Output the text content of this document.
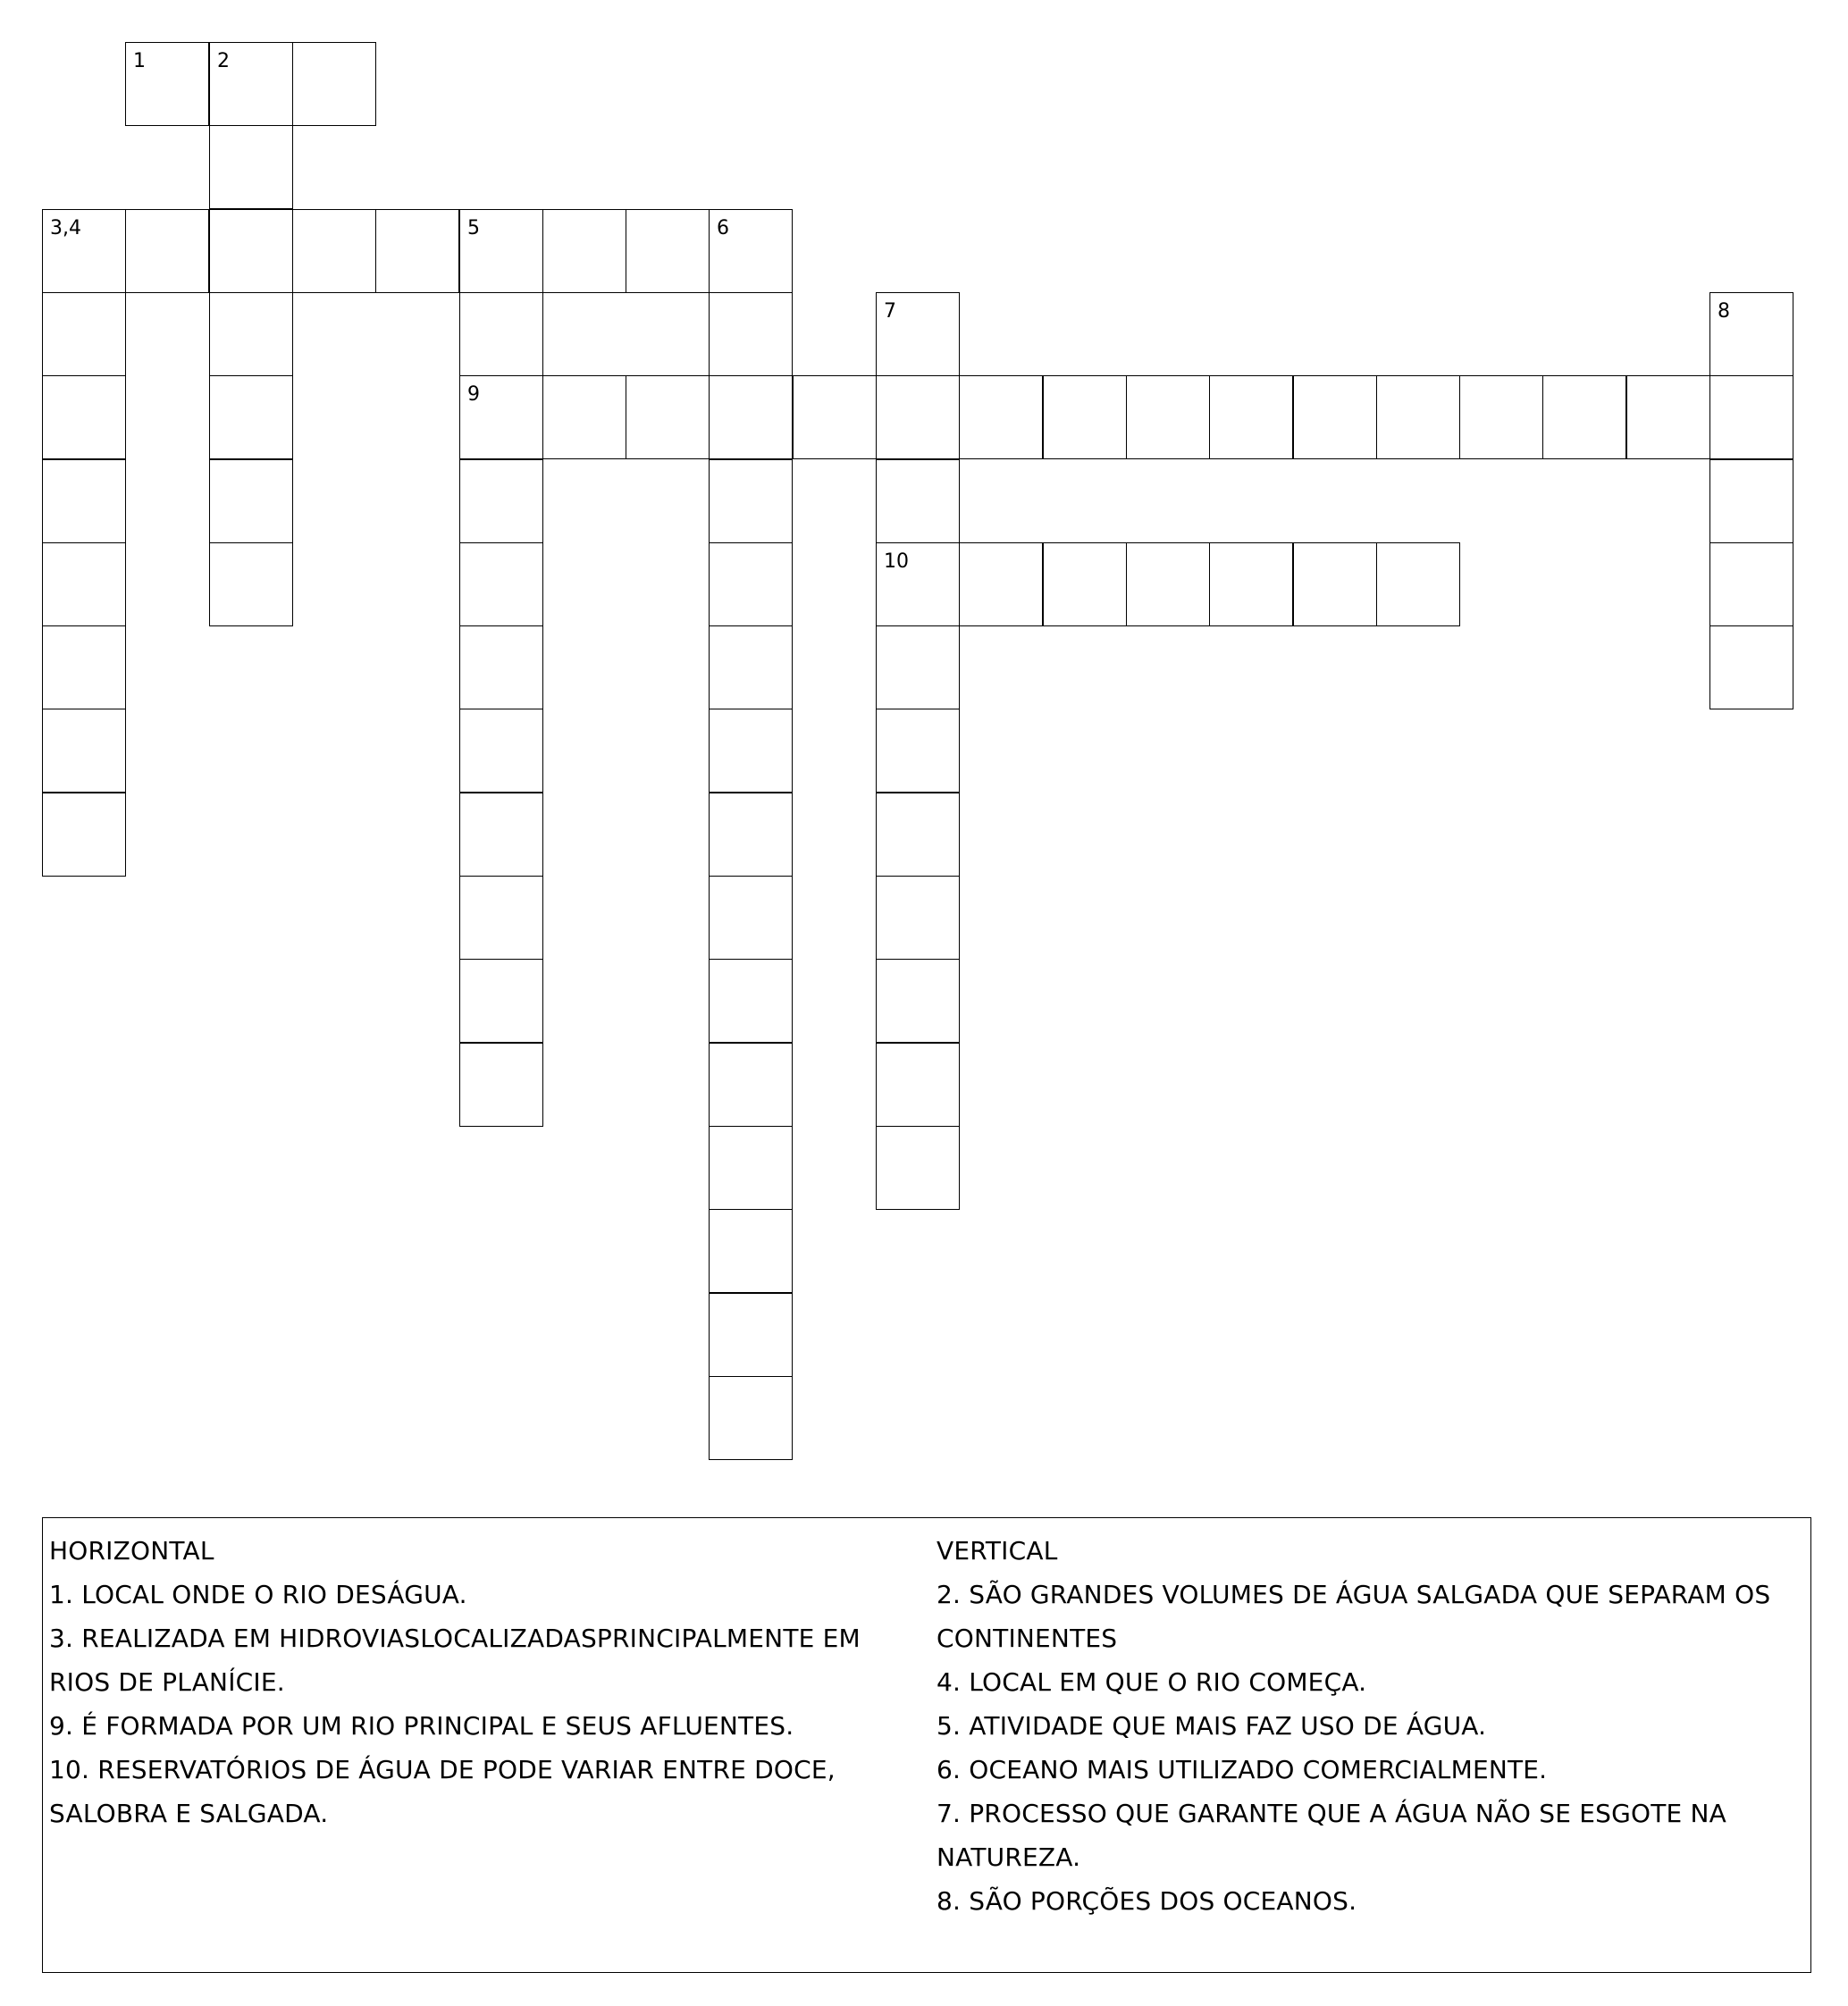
1	2
3,4	5	6
7	8
9
10

HORIZONTAL

1. LOCAL ONDE O RIO DESÁGUA.

3. REALIZADA EM HIDROVIASLOCALIZADASPRINCIPALMENTE EM

RIOS DE PLANÍCIE.

9. É FORMADA POR UM RIO PRINCIPAL E SEUS AFLUENTES.

10. RESERVATÓRIOS DE ÁGUA DE PODE VARIAR ENTRE DOCE,

SALOBRA E SALGADA.

VERTICAL

2. SÃO GRANDES VOLUMES DE ÁGUA SALGADA QUE SEPARAM OS

CONTINENTES

4. LOCAL EM QUE O RIO COMEÇA.

5. ATIVIDADE QUE MAIS FAZ USO DE ÁGUA.

6. OCEANO MAIS UTILIZADO COMERCIALMENTE.

7. PROCESSO QUE GARANTE QUE A ÁGUA NÃO SE ESGOTE NA

NATUREZA.

8. SÃO PORÇÕES DOS OCEANOS.
